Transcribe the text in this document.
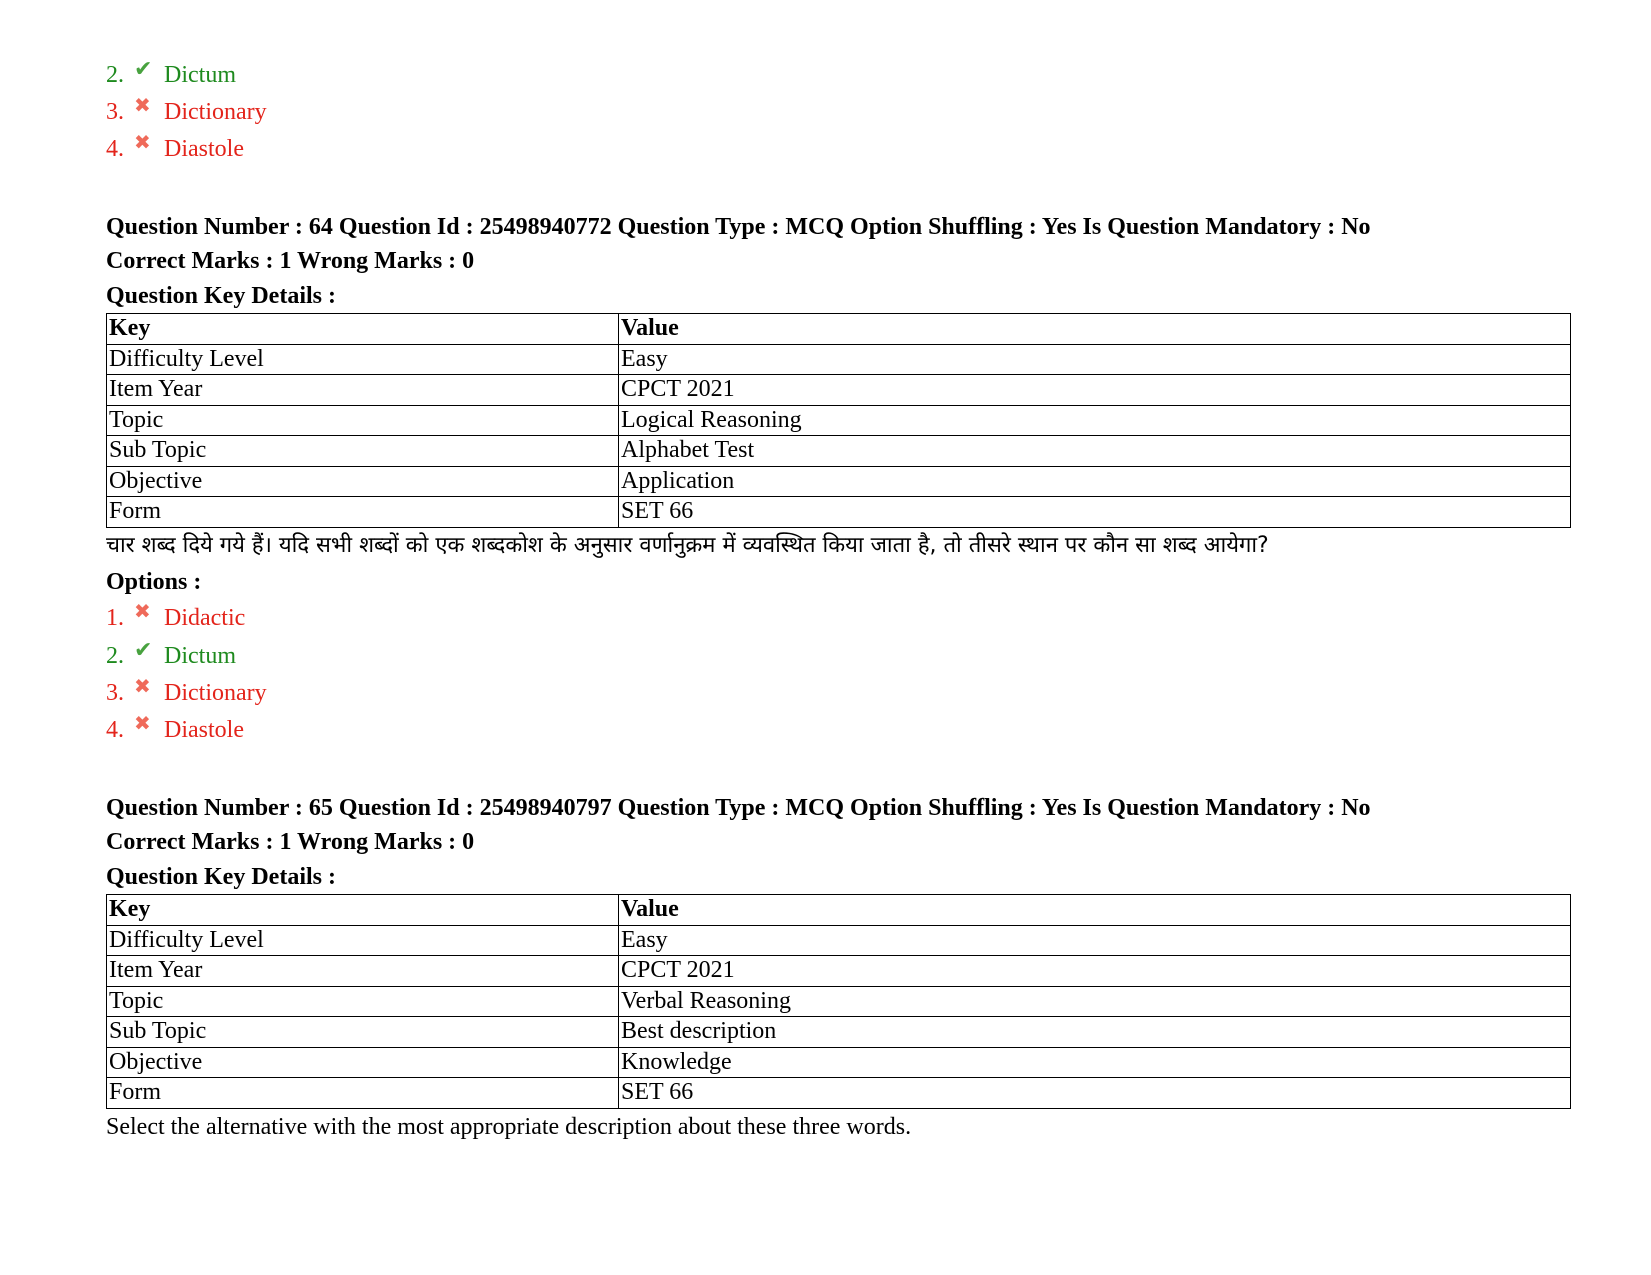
2. ✔ Dictum
3. ✖ Dictionary
4. ✖ Diastole
Question Number : 64 Question Id : 25498940772 Question Type : MCQ Option Shuffling : Yes Is Question Mandatory : No
Correct Marks : 1 Wrong Marks : 0
Question Key Details :
Key	Value
Difficulty Level	Easy
Item Year	CPCT 2021
Topic	Logical Reasoning
Sub Topic	Alphabet Test
Objective	Application
Form	SET 66
चार शब्द दिये गये हैं। यदि सभी शब्दों को एक शब्दकोश के अनुसार वर्णानुक्रम में व्यवस्थित किया जाता है, तो तीसरे स्थान पर कौन सा शब्द आयेगा?
Options :
1. ✖ Didactic
2. ✔ Dictum
3. ✖ Dictionary
4. ✖ Diastole
Question Number : 65 Question Id : 25498940797 Question Type : MCQ Option Shuffling : Yes Is Question Mandatory : No
Correct Marks : 1 Wrong Marks : 0
Question Key Details :
Key	Value
Difficulty Level	Easy
Item Year	CPCT 2021
Topic	Verbal Reasoning
Sub Topic	Best description
Objective	Knowledge
Form	SET 66
Select the alternative with the most appropriate description about these three words.
